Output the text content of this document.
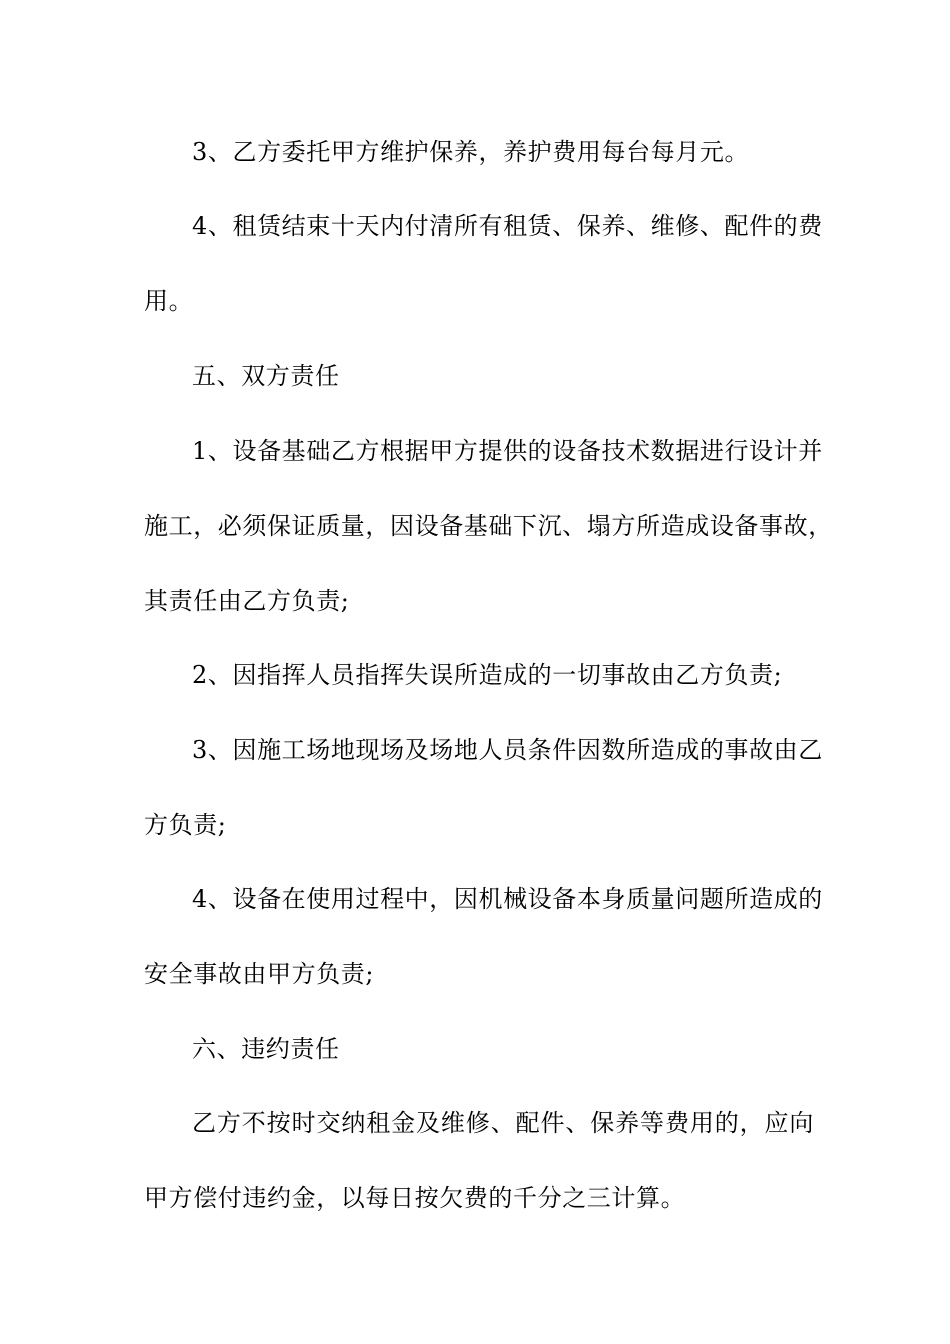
3、乙方委托甲方维护保养，养护费用每台每月元。
4、租赁结束十天内付清所有租赁、保养、维修、配件的费
用。
五、双方责任
1、设备基础乙方根据甲方提供的设备技术数据进行设计并
施工，必须保证质量，因设备基础下沉、塌方所造成设备事故，
其责任由乙方负责;
2、因指挥人员指挥失误所造成的一切事故由乙方负责;
3、因施工场地现场及场地人员条件因数所造成的事故由乙
方负责;
4、设备在使用过程中，因机械设备本身质量问题所造成的
安全事故由甲方负责;
六、违约责任
乙方不按时交纳租金及维修、配件、保养等费用的，应向
甲方偿付违约金，以每日按欠费的千分之三计算。
